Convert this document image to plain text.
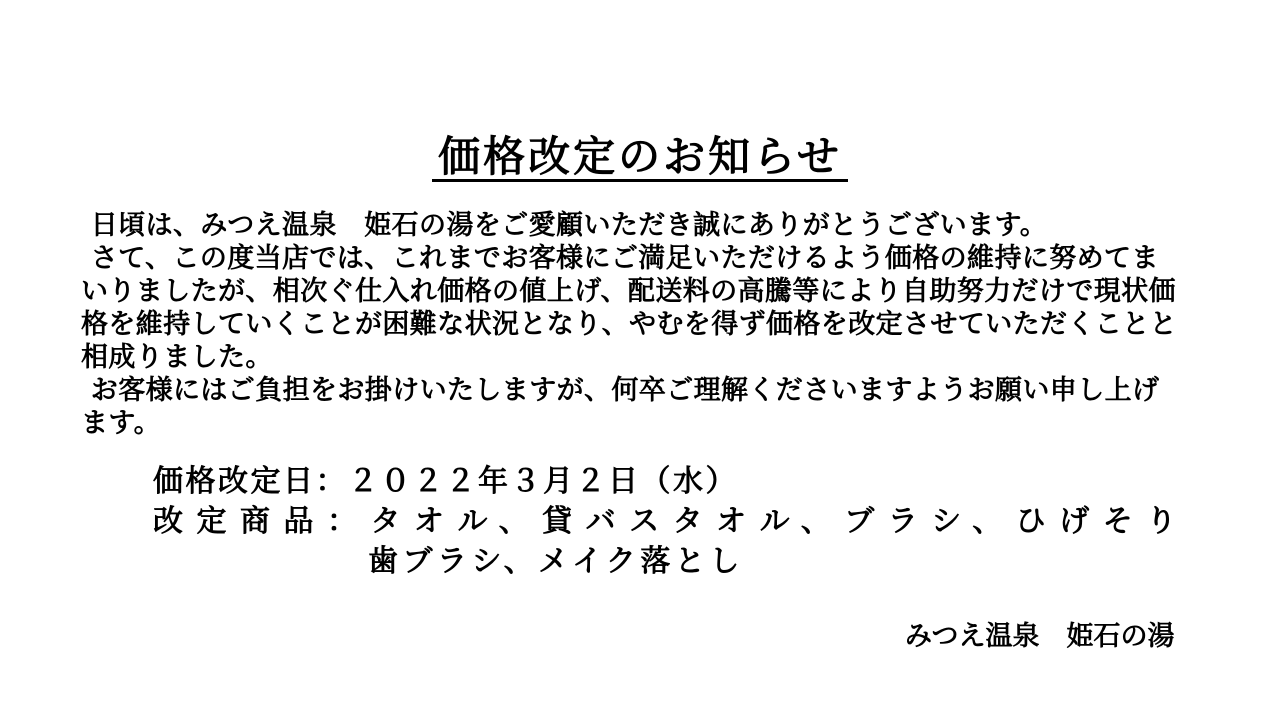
価格改定のお知らせ
日頃は、みつえ温泉　姫石の湯をご愛顧いただき誠にありがとうございます。
さて、この度当店では、これまでお客様にご満足いただけるよう価格の維持に努めてま
いりましたが、相次ぐ仕入れ価格の値上げ、配送料の高騰等により自助努力だけで現状価
格を維持していくことが困難な状況となり、やむを得ず価格を改定させていただくことと
相成りました。
お客様にはご負担をお掛けいたしますが、何卒ご理解くださいますようお願い申し上げ
ます。
価格改定日：２０２２年３月２日（水）
改定商品：タオル、貸バスタオル、ブラシ、ひげそり
歯ブラシ、メイク落とし
みつえ温泉　姫石の湯
